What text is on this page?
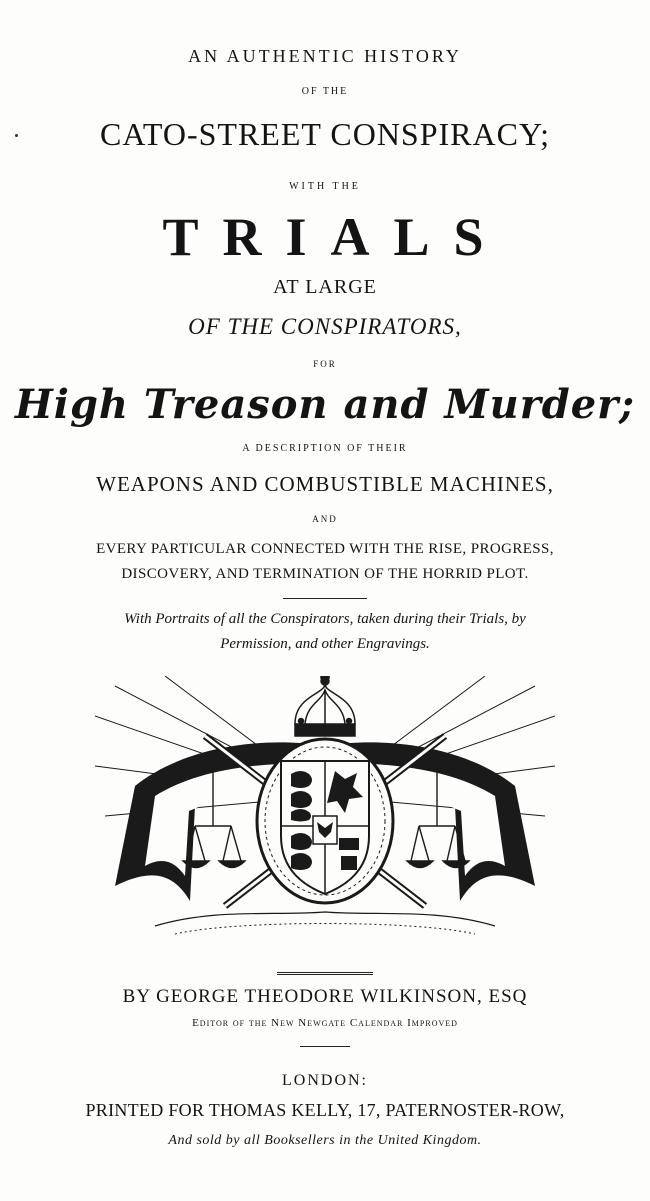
AN AUTHENTIC HISTORY
OF THE
CATO-STREET CONSPIRACY;
WITH THE
TRIALS
AT LARGE
OF THE CONSPIRATORS,
FOR
High Treason and Murder;
A DESCRIPTION OF THEIR
WEAPONS AND COMBUSTIBLE MACHINES,
AND
EVERY PARTICULAR CONNECTED WITH THE RISE, PROGRESS,
DISCOVERY, AND TERMINATION OF THE HORRID PLOT.
With Portraits of all the Conspirators, taken during their Trials, by
Permission, and other Engravings.
BY GEORGE THEODORE WILKINSON, ESQ
Editor of the New Newgate Calendar Improved
LONDON:
PRINTED FOR THOMAS KELLY, 17, PATERNOSTER-ROW,
And sold by all Booksellers in the United Kingdom.
